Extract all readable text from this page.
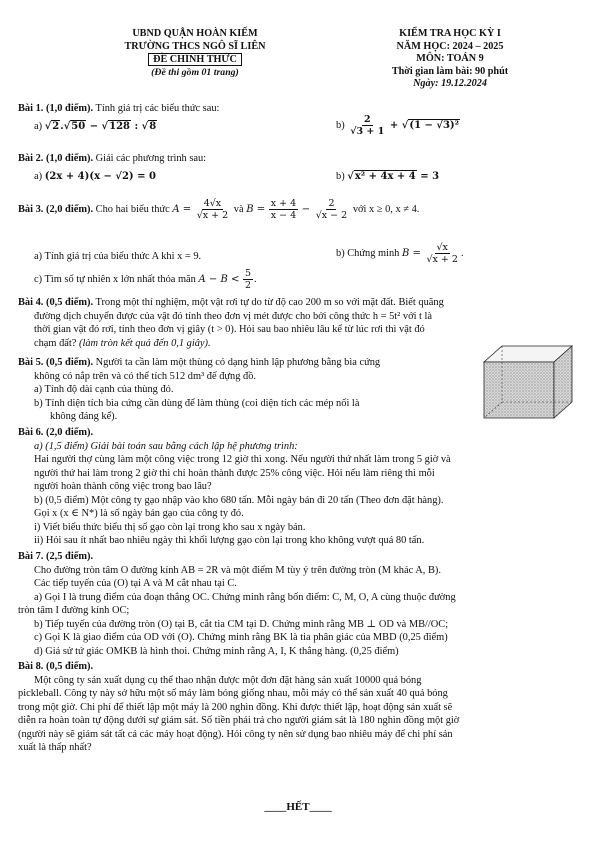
UBND QUẬN HOÀN KIẾM
TRƯỜNG THCS NGÔ SĨ LIÊN
ĐỀ CHÍNH THỨC
(Đề thi gồm 01 trang)
KIỂM TRA HỌC KỲ I
NĂM HỌC: 2024 – 2025
MÔN: TOÁN 9
Thời gian làm bài: 90 phút
Ngày: 19.12.2024
Bài 1. (1,0 điểm). Tính giá trị các biểu thức sau:
a) √2.√50 − √128 : √8	$b) \frac{2}{√3 + 1} + √(1 - √3)^2$
Bài 2. (1,0 điểm). Giải các phương trình sau:
a) (2x + 4)(x − √2) = 0	b) √x² + 4x + 4 = 3
Bài 3. (2,0 điểm). Cho hai biểu thức $A = \frac{4√x}{√x + 2}$ và $B = \frac{x + 4}{x - 4} - \frac{2}{√x - 2}$ với x ≥ 0, x ≠ 4.
a) Tính giá trị của biểu thức A khi x = 9.	b) Chứng minh $B = \frac{√x}{√x + 2}$ .
c) Tìm số tự nhiên x lớn nhất thỏa mãn $A - B < \frac{5}{2}$ .
Bài 4. (0,5 điểm). Trong một thí nghiệm, một vật rơi tự do từ độ cao 200 m so với mặt đất. Biết quãng
đường dịch chuyển được của vật đó tính theo đơn vị mét được cho bởi công thức h = 5t² với t là
thời gian vật đó rơi, tính theo đơn vị giây (t > 0). Hỏi sau bao nhiêu lâu kể từ lúc rơi thì vật đó
chạm đất? (làm tròn kết quả đến 0,1 giây).
Bài 5. (0,5 điểm). Người ta cần làm một thùng có dạng hình lập phương bằng bìa cứng
không có nắp trên và có thể tích 512 dm³ để đựng đồ.
a) Tính độ dài cạnh của thùng đó.
b) Tính diện tích bìa cứng cần dùng để làm thùng (coi diện tích các mép nối là
không đáng kể).
Bài 6. (2,0 điểm).
a) (1,5 điểm) Giải bài toán sau bằng cách lập hệ phương trình:
Hai người thợ cùng làm một công việc trong 12 giờ thì xong. Nếu người thứ nhất làm trong 5 giờ và
người thứ hai làm trong 2 giờ thì chỉ hoàn thành được 25% công việc. Hỏi nếu làm riêng thì mỗi
người hoàn thành công việc trong bao lâu?
b) (0,5 điểm) Một công ty gạo nhập vào kho 680 tấn. Mỗi ngày bán đi 20 tấn (Theo đơn đặt hàng).
Gọi x (x ∈ N*) là số ngày bán gạo của công ty đó.
i) Viết biểu thức biểu thị số gạo còn lại trong kho sau x ngày bán.
ii) Hỏi sau ít nhất bao nhiêu ngày thì khối lượng gạo còn lại trong kho không vượt quá 80 tấn.
Bài 7. (2,5 điểm).
Cho đường tròn tâm O đường kính AB = 2R và một điểm M tùy ý trên đường tròn (M khác A, B).
Các tiếp tuyến của (O) tại A và M cắt nhau tại C.
a) Gọi I là trung điểm của đoạn thẳng OC. Chứng minh rằng bốn điểm: C, M, O, A cùng thuộc đường
tròn tâm I đường kính OC;
b) Tiếp tuyến của đường tròn (O) tại B, cắt tia CM tại D. Chứng minh rằng MB ⊥ OD và MB//OC;
c) Gọi K là giao điểm của OD với (O). Chứng minh rằng BK là tia phân giác của MBD (0,25 điểm)
d) Giả sử tứ giác OMKB là hình thoi. Chứng minh rằng A, I, K thẳng hàng. (0,25 điểm)
Bài 8. (0,5 điểm).
Một công ty sản xuất dụng cụ thể thao nhận được một đơn đặt hàng sản xuất 10000 quả bóng
pickleball. Công ty này sở hữu một số máy làm bóng giống nhau, mỗi máy có thể sản xuất 40 quả bóng
trong một giờ. Chi phí để thiết lập một máy là 200 nghìn đồng. Khi được thiết lập, hoạt động sản xuất sẽ
diễn ra hoàn toàn tự động dưới sự giám sát. Số tiền phải trả cho người giám sát là 180 nghìn đồng một giờ
(người này sẽ giám sát tất cả các máy hoạt động). Hỏi công ty nên sử dụng bao nhiêu máy để chi phí sản
xuất là thấp nhất?
____HẾT____
